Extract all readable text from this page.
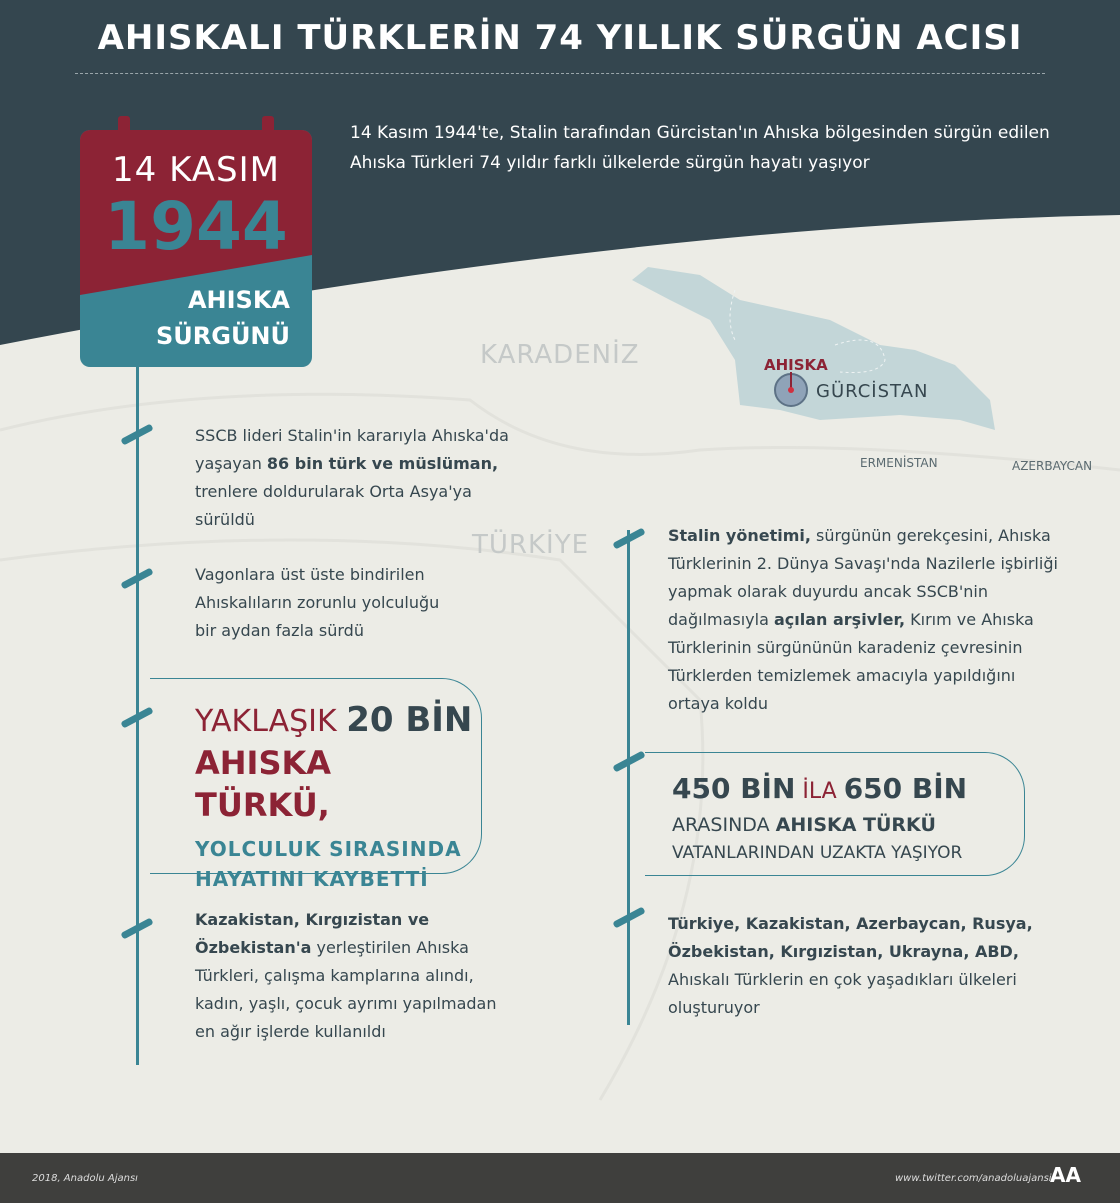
AHISKALI TÜRKLERİN 74 YILLIK SÜRGÜN ACISI
14 Kasım 1944'te, Stalin tarafından Gürcistan'ın Ahıska bölgesinden sürgün edilen Ahıska Türkleri 74 yıldır farklı ülkelerde sürgün hayatı yaşıyor
14 KASIM
1944
AHISKA
SÜRGÜNÜ
KARADENİZ
TÜRKİYE
AHISKA
GÜRCİSTAN
ERMENİSTAN	AZERBAYCAN
SSCB lideri Stalin'in kararıyla Ahıska'da yaşayan 86 bin türk ve müslüman, trenlere doldurularak Orta Asya'ya sürüldü
Vagonlara üst üste bindirilen Ahıskalıların zorunlu yolculuğu bir aydan fazla sürdü
YAKLAŞIK 20 BİN
AHISKA TÜRKÜ,
YOLCULUK SIRASINDA
HAYATINI KAYBETTİ
Kazakistan, Kırgızistan ve Özbekistan'a yerleştirilen Ahıska Türkleri, çalışma kamplarına alındı, kadın, yaşlı, çocuk ayrımı yapılmadan en ağır işlerde kullanıldı
Stalin yönetimi, sürgünün gerekçesini, Ahıska Türklerinin 2. Dünya Savaşı'nda Nazilerle işbirliği yapmak olarak duyurdu ancak SSCB'nin dağılmasıyla açılan arşivler, Kırım ve Ahıska Türklerinin sürgününün karadeniz çevresinin Türklerden temizlemek amacıyla yapıldığını ortaya koldu
450 BİN İLA 650 BİN
ARASINDA AHISKA TÜRKÜ
VATANLARINDAN UZAKTA YAŞIYOR
Türkiye, Kazakistan, Azerbaycan, Rusya, Özbekistan, Kırgızistan, Ukrayna, ABD, Ahıskalı Türklerin en çok yaşadıkları ülkeleri oluşturuyor
2018, Anadolu Ajansı	www.twitter.com/anadoluajansi
AA
